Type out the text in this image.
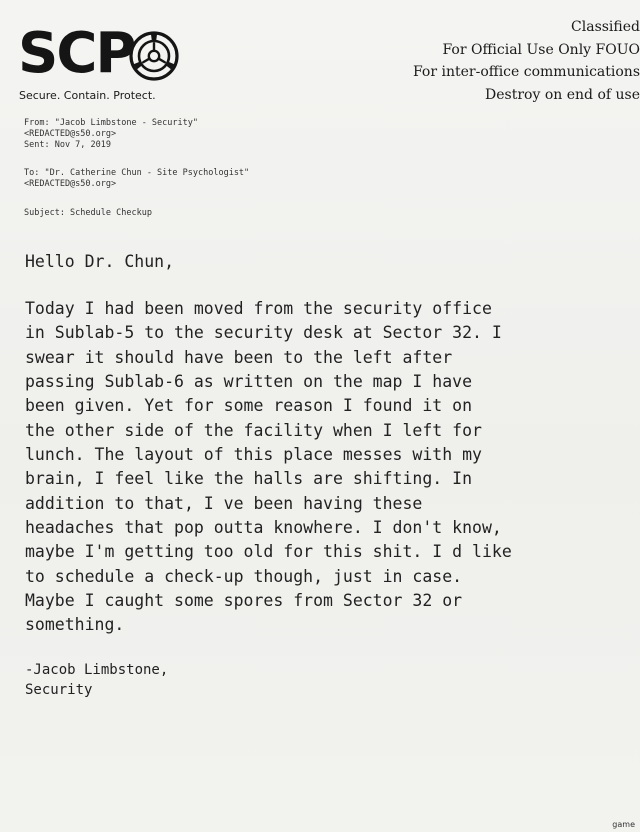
SCP
Secure. Contain. Protect.
Classified
For Official Use Only FOUO
For inter-office communications
Destroy on end of use
From: "Jacob Limbstone - Security"
<REDACTED@s50.org>
Sent: Nov 7, 2019
To: "Dr. Catherine Chun - Site Psychologist"
<REDACTED@s50.org>
Subject: Schedule Checkup
Hello Dr. Chun,
Today I had been moved from the security office
in Sublab-5 to the security desk at Sector 32. I
swear it should have been to the left after
passing Sublab-6 as written on the map I have
been given. Yet for some reason I found it on
the other side of the facility when I left for
lunch. The layout of this place messes with my
brain, I feel like the halls are shifting. In
addition to that, I ve been having these
headaches that pop outta knowhere. I don't know,
maybe I'm getting too old for this shit. I d like
to schedule a check-up though, just in case.
Maybe I caught some spores from Sector 32 or
something.
-Jacob Limbstone,
Security
game
